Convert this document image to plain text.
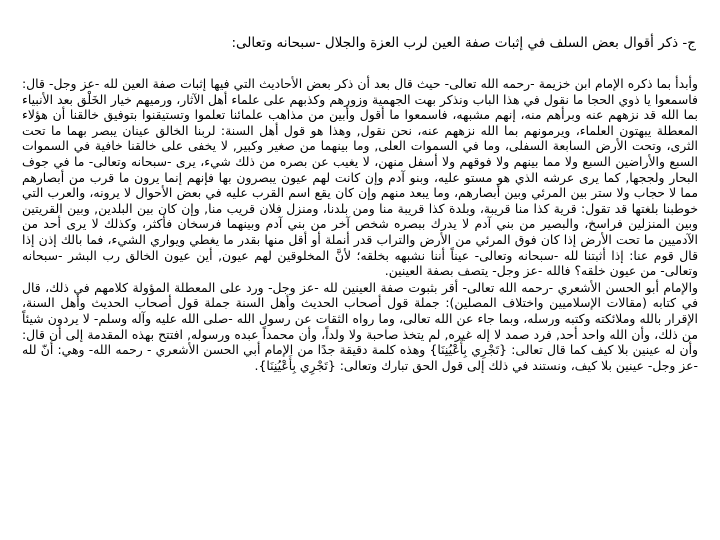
ج- ذكر أقوال بعض السلف في إثبات صفة العين لرب العزة والجلال -سبحانه وتعالى:

وأبدأ بما ذكره الإمام ابن خزيمة -رحمه الله تعالى- حيث قال بعد أن ذكر بعض الأحاديث التي فيها إثبات صفة العين لله -عز وجل- قال: فاسمعوا يا ذوي الحجا ما نقول في هذا الباب ونذكر بهت الجهمية وزورهم وكذبهم على علماء أهل الآثار، ورميهم خيار الخَلْق بعد الأنبياء بما الله قد نزههم عنه وبرأهم منه، إنهم مشبهه، فاسمعوا ما أقول وأبين من مذاهب علمائنا تعلموا وتستيقنوا بتوفيق خالقنا أن هؤلاء المعطلة يبهتون العلماء، ويرمونهم بما الله نزههم عنه، نحن نقول, وهذا هو قول أهل السنة: لربنا الخالق عينان يبصر بهما ما تحت الثرى، وتحت الأرض السابعة السفلى، وما في السموات العلى, وما بينهما من صغير وكبير, لا يخفى على خالقنا خافية في السموات السبع والأراضين السبع ولا مما بينهم ولا فوقهم ولا أسفل منهن، لا يغيب عن بصره من ذلك شيء، يرى -سبحانه وتعالى- ما في جوف البحار ولججها, كما يرى عرشه الذي هو مستو عليه، وبنو آدم وإن كانت لهم عيون يبصرون بها فإنهم إنما يرون ما قرب من أبصارهم مما لا حجاب ولا ستر بين المرئي وبين أبصارهم، وما يبعد منهم وإن كان يقع اسم القرب عليه في بعض الأحوال لا يرونه، والعرب التي خوطبنا بلغتها قد تقول: قرية كذا منا قريبة، وبلدة كذا قريبة منا ومن بلدنا، ومنزل فلان قريب منا, وإن كان بين البلدين, وبين القريتين وبين المنزلين فراسخ، والبصير من بني آدم لا يدرك ببصره شخص آخر من بني آدم وبينهما فرسخان فأكثر، وكذلك لا يرى أحد من الآدميين ما تحت الأرض إذا كان فوق المرئي من الأرض والتراب قدر أنملة أو أقل منها بقدر ما يغطي ويواري الشيء، فما بالك إذن إذا قال قوم عنا: إذا أثبتنا لله -سبحانه وتعالى- عيناً أننا نشبهه بخلقه؛ لأنَّ المخلوقين لهم عيون, أين عيون الخالق رب البشر -سبحانه وتعالى- من عيون خلقه؟ فالله -عز وجل- يتصف بصفة العينين.

والإمام أبو الحسن الأشعري -رحمه الله تعالى- أقر بثبوت صفة العينين لله -عز وجل- ورد على المعطلة المؤولة كلامهم في ذلك، قال في كتابه (مقالات الإسلاميين واختلاف المصلين): جملة قول أصحاب الحديث وأهل السنة جملة قول أصحاب الحديث وأهل السنة، الإقرار بالله وملائكته وكتبه ورسله، وبما جاء عن الله تعالى، وما رواه الثقات عن رسول الله -صلى الله عليه وآله وسلم- لا يردون شيئاً من ذلك، وأن الله واحد أحد, فرد صمد لا إله غيره, لم يتخذ صاحبة ولا ولداً، وأن محمداً عبده ورسوله, افتتح بهذه المقدمة إلى أن قال: وأن له عينين بلا كيف كما قال تعالى: {تَجْرِي بِأَعْيُنِنَا} وهذه كلمة دقيقة جدًا من الإمام أبي الحسن الأشعري - رحمه الله- وهي: أنّ لله -عز وجل- عينين بلا كيف، ونستند في ذلك إلى قول الحق تبارك وتعالى: {تَجْرِي بِأَعْيُنِنَا}.
